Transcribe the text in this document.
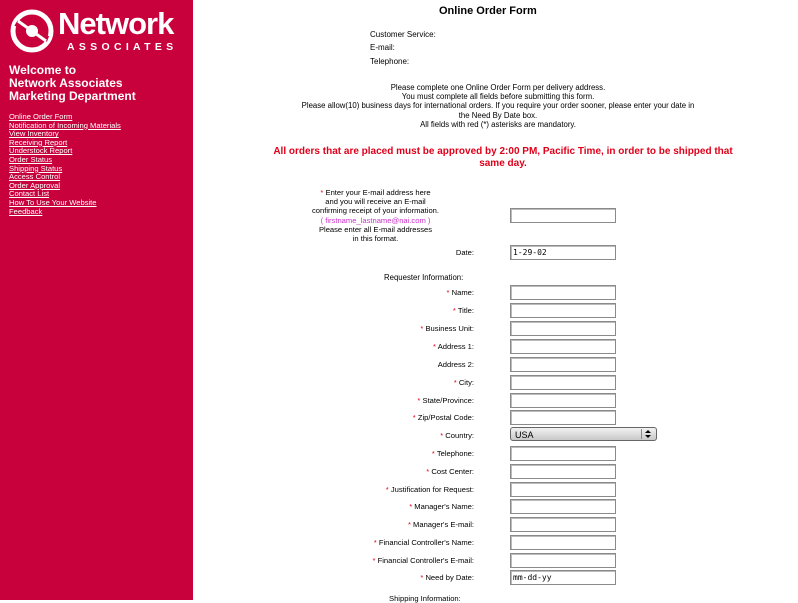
Network
ASSOCIATES
Welcome to
Network Associates
Marketing Department
Online Order Form
Notification of Incoming Materials
View Inventory
Receiving Report
Understock Report
Order Status
Shipping Status
Access Control
Order Approval
Contact List
How To Use Your Website
Feedback
Online Order Form
Customer Service:
E-mail:
Telephone:
Please complete one Online Order Form per delivery address.
You must complete all fields before submitting this form.
Please allow(10) business days for international orders. If you require your order sooner, please enter your date in
the Need By Date box.
All fields with red (*) asterisks are mandatory.
All orders that are placed must be approved by 2:00 PM, Pacific Time, in order to be shipped that same day.
* Enter your E-mail address here
and you will receive an E-mail
confirming receipt of your information.
( firstname_lastname@nai.com )
Please enter all E-mail addresses
in this format.
Date:
1-29-02
Requester Information:
* Name:
* Title:
* Business Unit:
* Address 1:
Address 2:
* City:
* State/Province:
* Zip/Postal Code:
* Country:	USA
* Telephone:
* Cost Center:
* Justification for Request:
* Manager's Name:
* Manager's E-mail:
* Financial Controller's Name:
* Financial Controller's E-mail:
* Need by Date:
mm-dd-yy
Shipping Information:
